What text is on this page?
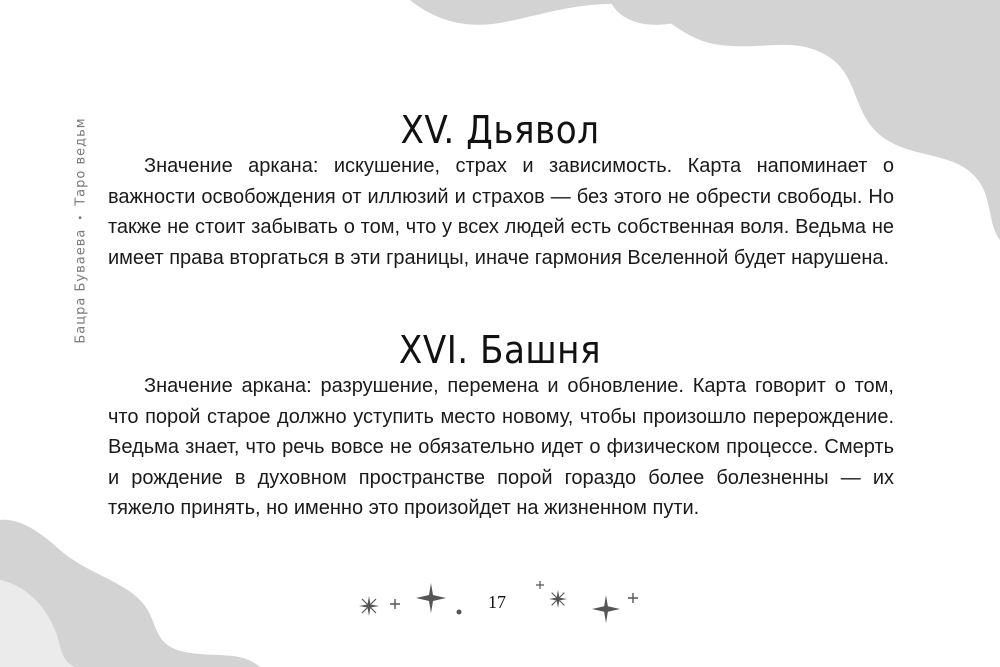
Бацра Буваева
•
Таро ведьм	XV. Дьявол

Значение аркана: искушение, страх и зависимость. Карта напоминает о важности освобождения от иллюзий и страхов — без этого не обрести свободы. Но также не стоит забывать о том, что у всех людей есть собственная воля. Ведьма не имеет права вторгаться в эти границы, иначе гармония Вселенной будет нарушена.

XVI. Башня

Значение аркана: разрушение, перемена и обновление. Карта говорит о том, что порой старое должно уступить место новому, чтобы произошло перерождение. Ведьма знает, что речь вовсе не обязательно идет о физическом процессе. Смерть и рождение в духовном пространстве порой гораздо более болезненны — их тяжело принять, но именно это произойдет на жизненном пути.

17
